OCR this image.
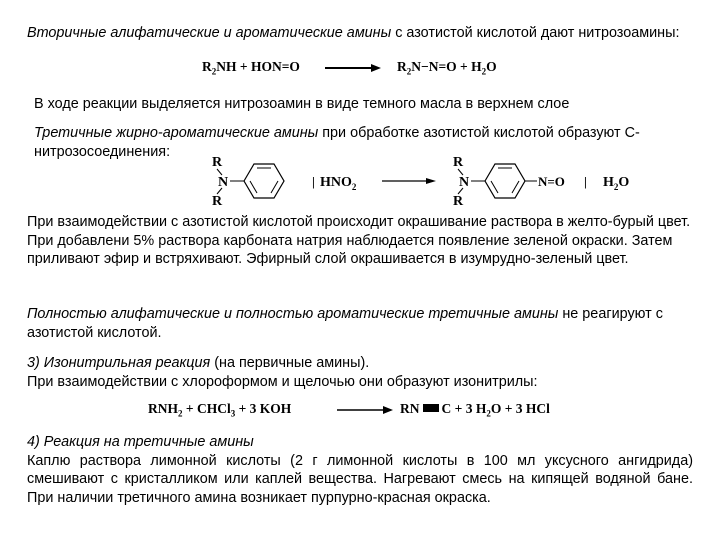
Вторичные алифатические и ароматические амины с азотистой кислотой дают нитрозоамины:

$R_2NH + HON=O$	$R_2N-N=O + H_2O$

В ходе реакции выделяется нитрозоамин в виде темного масла в верхнем слое

Третичные жирно-ароматические амины при обработке азотистой кислотой образуют С-нитрозосоединения:

R
N
R
| $HNO_2$
R
N
R
N=O | $H_2O$

При взаимодействии с азотистой кислотой происходит окрашивание раствора в желто-бурый цвет. При добавлени 5% раствора карбоната натрия наблюдается появление зеленой окраски. Затем приливают эфир и встряхивают. Эфирный слой окрашивается в изумрудно-зеленый цвет.

Полностью алифатические и полностью ароматические третичные амины не реагируют с азотистой кислотой.

3) Изонитрильная реакция (на первичные амины).
При взаимодействии с хлороформом и щелочью они образуют изонитрилы:

$RNH_2$ + CHCl$_3$ + 3 KOH	RN C + 3 $H_2O + 3$ HCl

4) Реакция на третичные амины

Каплю раствора лимонной кислоты (2 г лимонной кислоты в 100 мл уксусного ангидрида) смешивают с кристалликом или каплей вещества. Нагревают смесь на кипящей водяной бане. При наличии третичного амина возникает пурпурно-красная окраска.
